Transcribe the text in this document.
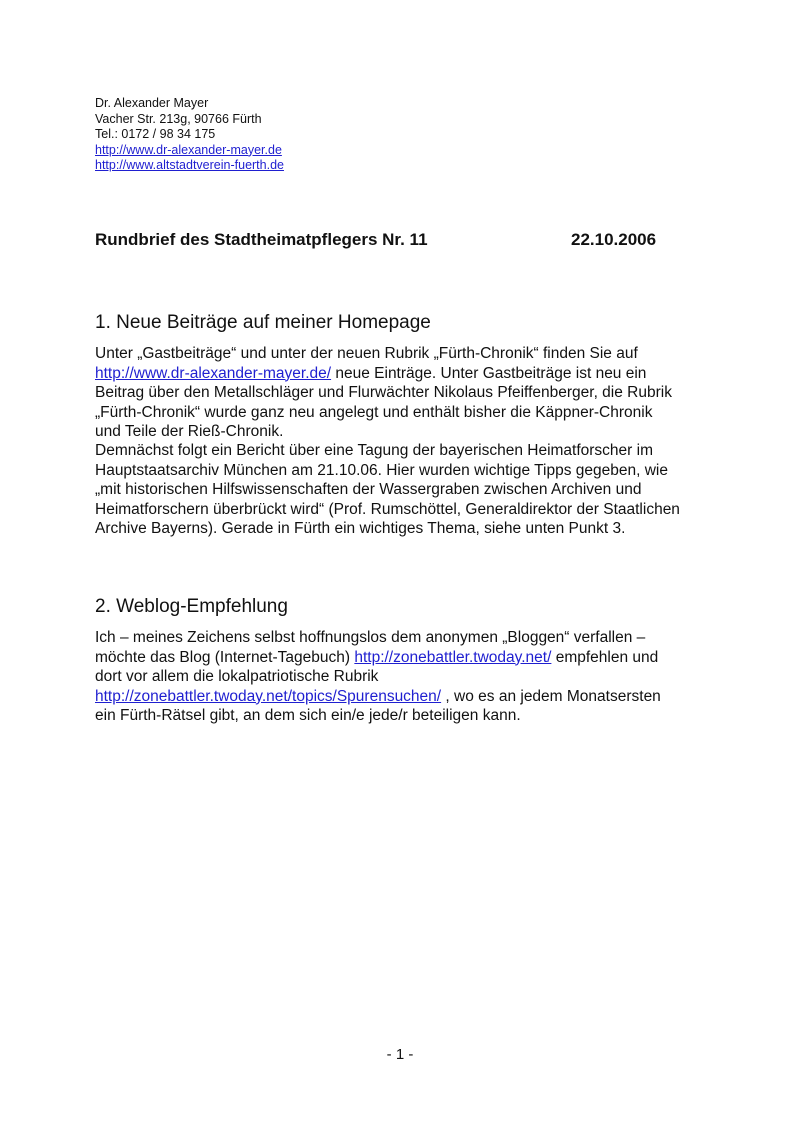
Dr. Alexander Mayer
Vacher Str. 213g, 90766 Fürth
Tel.: 0172 / 98 34 175
http://www.dr-alexander-mayer.de
http://www.altstadtverein-fuerth.de
Rundbrief des Stadtheimatpflegers Nr. 11	22.10.2006
1. Neue Beiträge auf meiner Homepage
Unter „Gastbeiträge“ und unter der neuen Rubrik „Fürth-Chronik“ finden Sie auf
http://www.dr-alexander-mayer.de/ neue Einträge. Unter Gastbeiträge ist neu ein
Beitrag über den Metallschläger und Flurwächter Nikolaus Pfeiffenberger, die Rubrik
„Fürth-Chronik“ wurde ganz neu angelegt und enthält bisher die Käppner-Chronik
und Teile der Rieß-Chronik.
Demnächst folgt ein Bericht über eine Tagung der bayerischen Heimatforscher im
Hauptstaatsarchiv München am 21.10.06. Hier wurden wichtige Tipps gegeben, wie
„mit historischen Hilfswissenschaften der Wassergraben zwischen Archiven und
Heimatforschern überbrückt wird“ (Prof. Rumschöttel, Generaldirektor der Staatlichen
Archive Bayerns). Gerade in Fürth ein wichtiges Thema, siehe unten Punkt 3.
2. Weblog-Empfehlung
Ich – meines Zeichens selbst hoffnungslos dem anonymen „Bloggen“ verfallen –
möchte das Blog (Internet-Tagebuch) http://zonebattler.twoday.net/ empfehlen und
dort vor allem die lokalpatriotische Rubrik
http://zonebattler.twoday.net/topics/Spurensuchen/ , wo es an jedem Monatsersten
ein Fürth-Rätsel gibt, an dem sich ein/e jede/r beteiligen kann.
- 1 -
